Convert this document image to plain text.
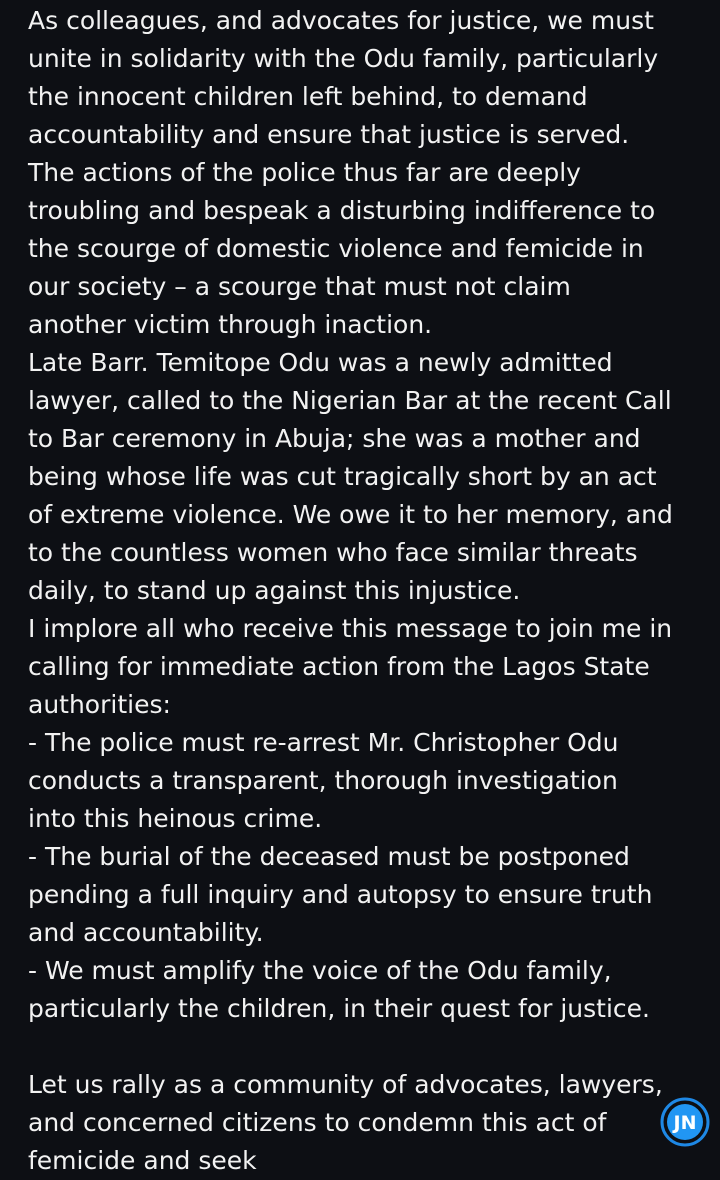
As colleagues, and advocates for justice, we must
unite in solidarity with the Odu family, particularly
the innocent children left behind, to demand
accountability and ensure that justice is served.
The actions of the police thus far are deeply
troubling and bespeak a disturbing indifference to
the scourge of domestic violence and femicide in
our society – a scourge that must not claim
another victim through inaction.
Late Barr. Temitope Odu was a newly admitted
lawyer, called to the Nigerian Bar at the recent Call
to Bar ceremony in Abuja; she was a mother and
being whose life was cut tragically short by an act
of extreme violence. We owe it to her memory, and
to the countless women who face similar threats
daily, to stand up against this injustice.
I implore all who receive this message to join me in
calling for immediate action from the Lagos State
authorities:
- The police must re-arrest Mr. Christopher Odu
conducts a transparent, thorough investigation
into this heinous crime.
- The burial of the deceased must be postponed
pending a full inquiry and autopsy to ensure truth
and accountability.
- We must amplify the voice of the Odu family,
particularly the children, in their quest for justice.
Let us rally as a community of advocates, lawyers,
and concerned citizens to condemn this act of
femicide and seek
JN
